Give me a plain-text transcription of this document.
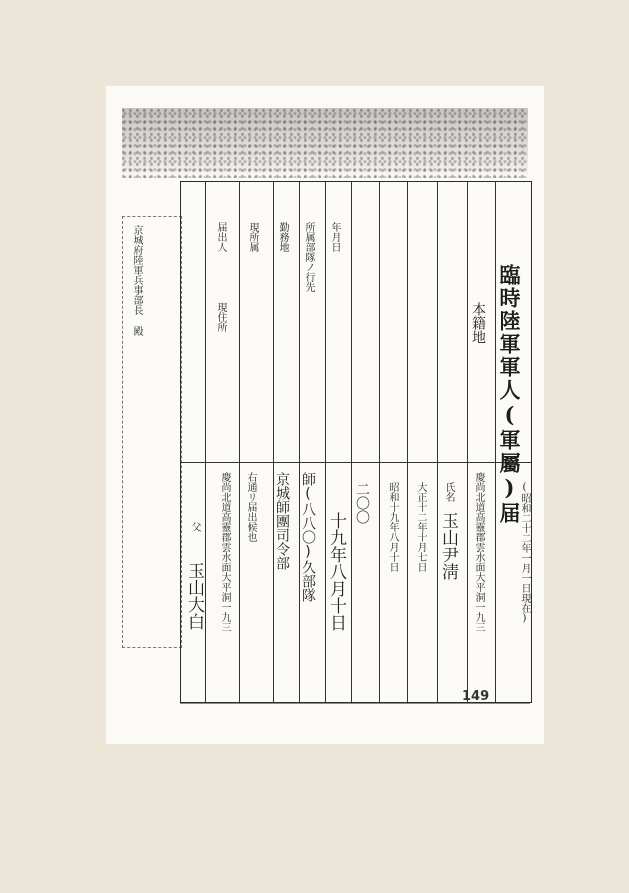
京城府陸軍兵事部長 殿	臨時陸軍軍人(軍屬)届
(昭和二十二年一月一日現在)
本籍地
慶尚北道高靈郡雲水面大平洞一九三
氏名
玉山尹淸
大正十二年十月七日
昭和十九年八月十日
二〇〇
年月日
十九年八月十日
所属部隊ノ行先
師(八八〇)久部隊
勤務地
京城師團司令部
現所属
右通リ届出候也
届出人
現住所
慶尚北道高靈郡雲水面大平洞一九三
父
玉山大白
149
